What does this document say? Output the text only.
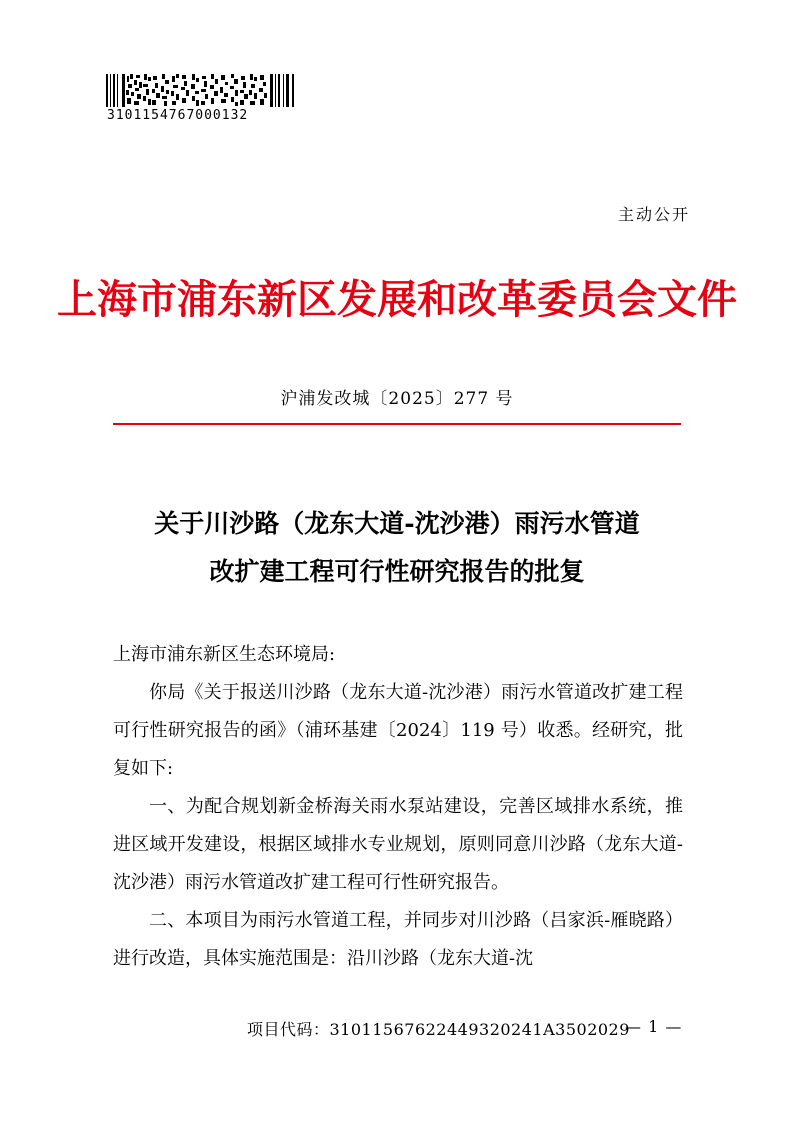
3101154767000132
主动公开
上海市浦东新区发展和改革委员会文件
沪浦发改城〔2025〕277 号
关于川沙路（龙东大道-沈沙港）雨污水管道
改扩建工程可行性研究报告的批复

上海市浦东新区生态环境局:

你局《关于报送川沙路（龙东大道-沈沙港）雨污水管道改扩建工程可行性研究报告的函》（浦环基建〔2024〕119 号）收悉。经研究，批复如下:

一、为配合规划新金桥海关雨水泵站建设，完善区域排水系统，推进区域开发建设，根据区域排水专业规划，原则同意川沙路（龙东大道-沈沙港）雨污水管道改扩建工程可行性研究报告。

二、本项目为雨污水管道工程，并同步对川沙路（吕家浜-雁晓路）进行改造，具体实施范围是：沿川沙路（龙东大道-沈

项目代码：31011567622449320241A3502029
— 1 —
